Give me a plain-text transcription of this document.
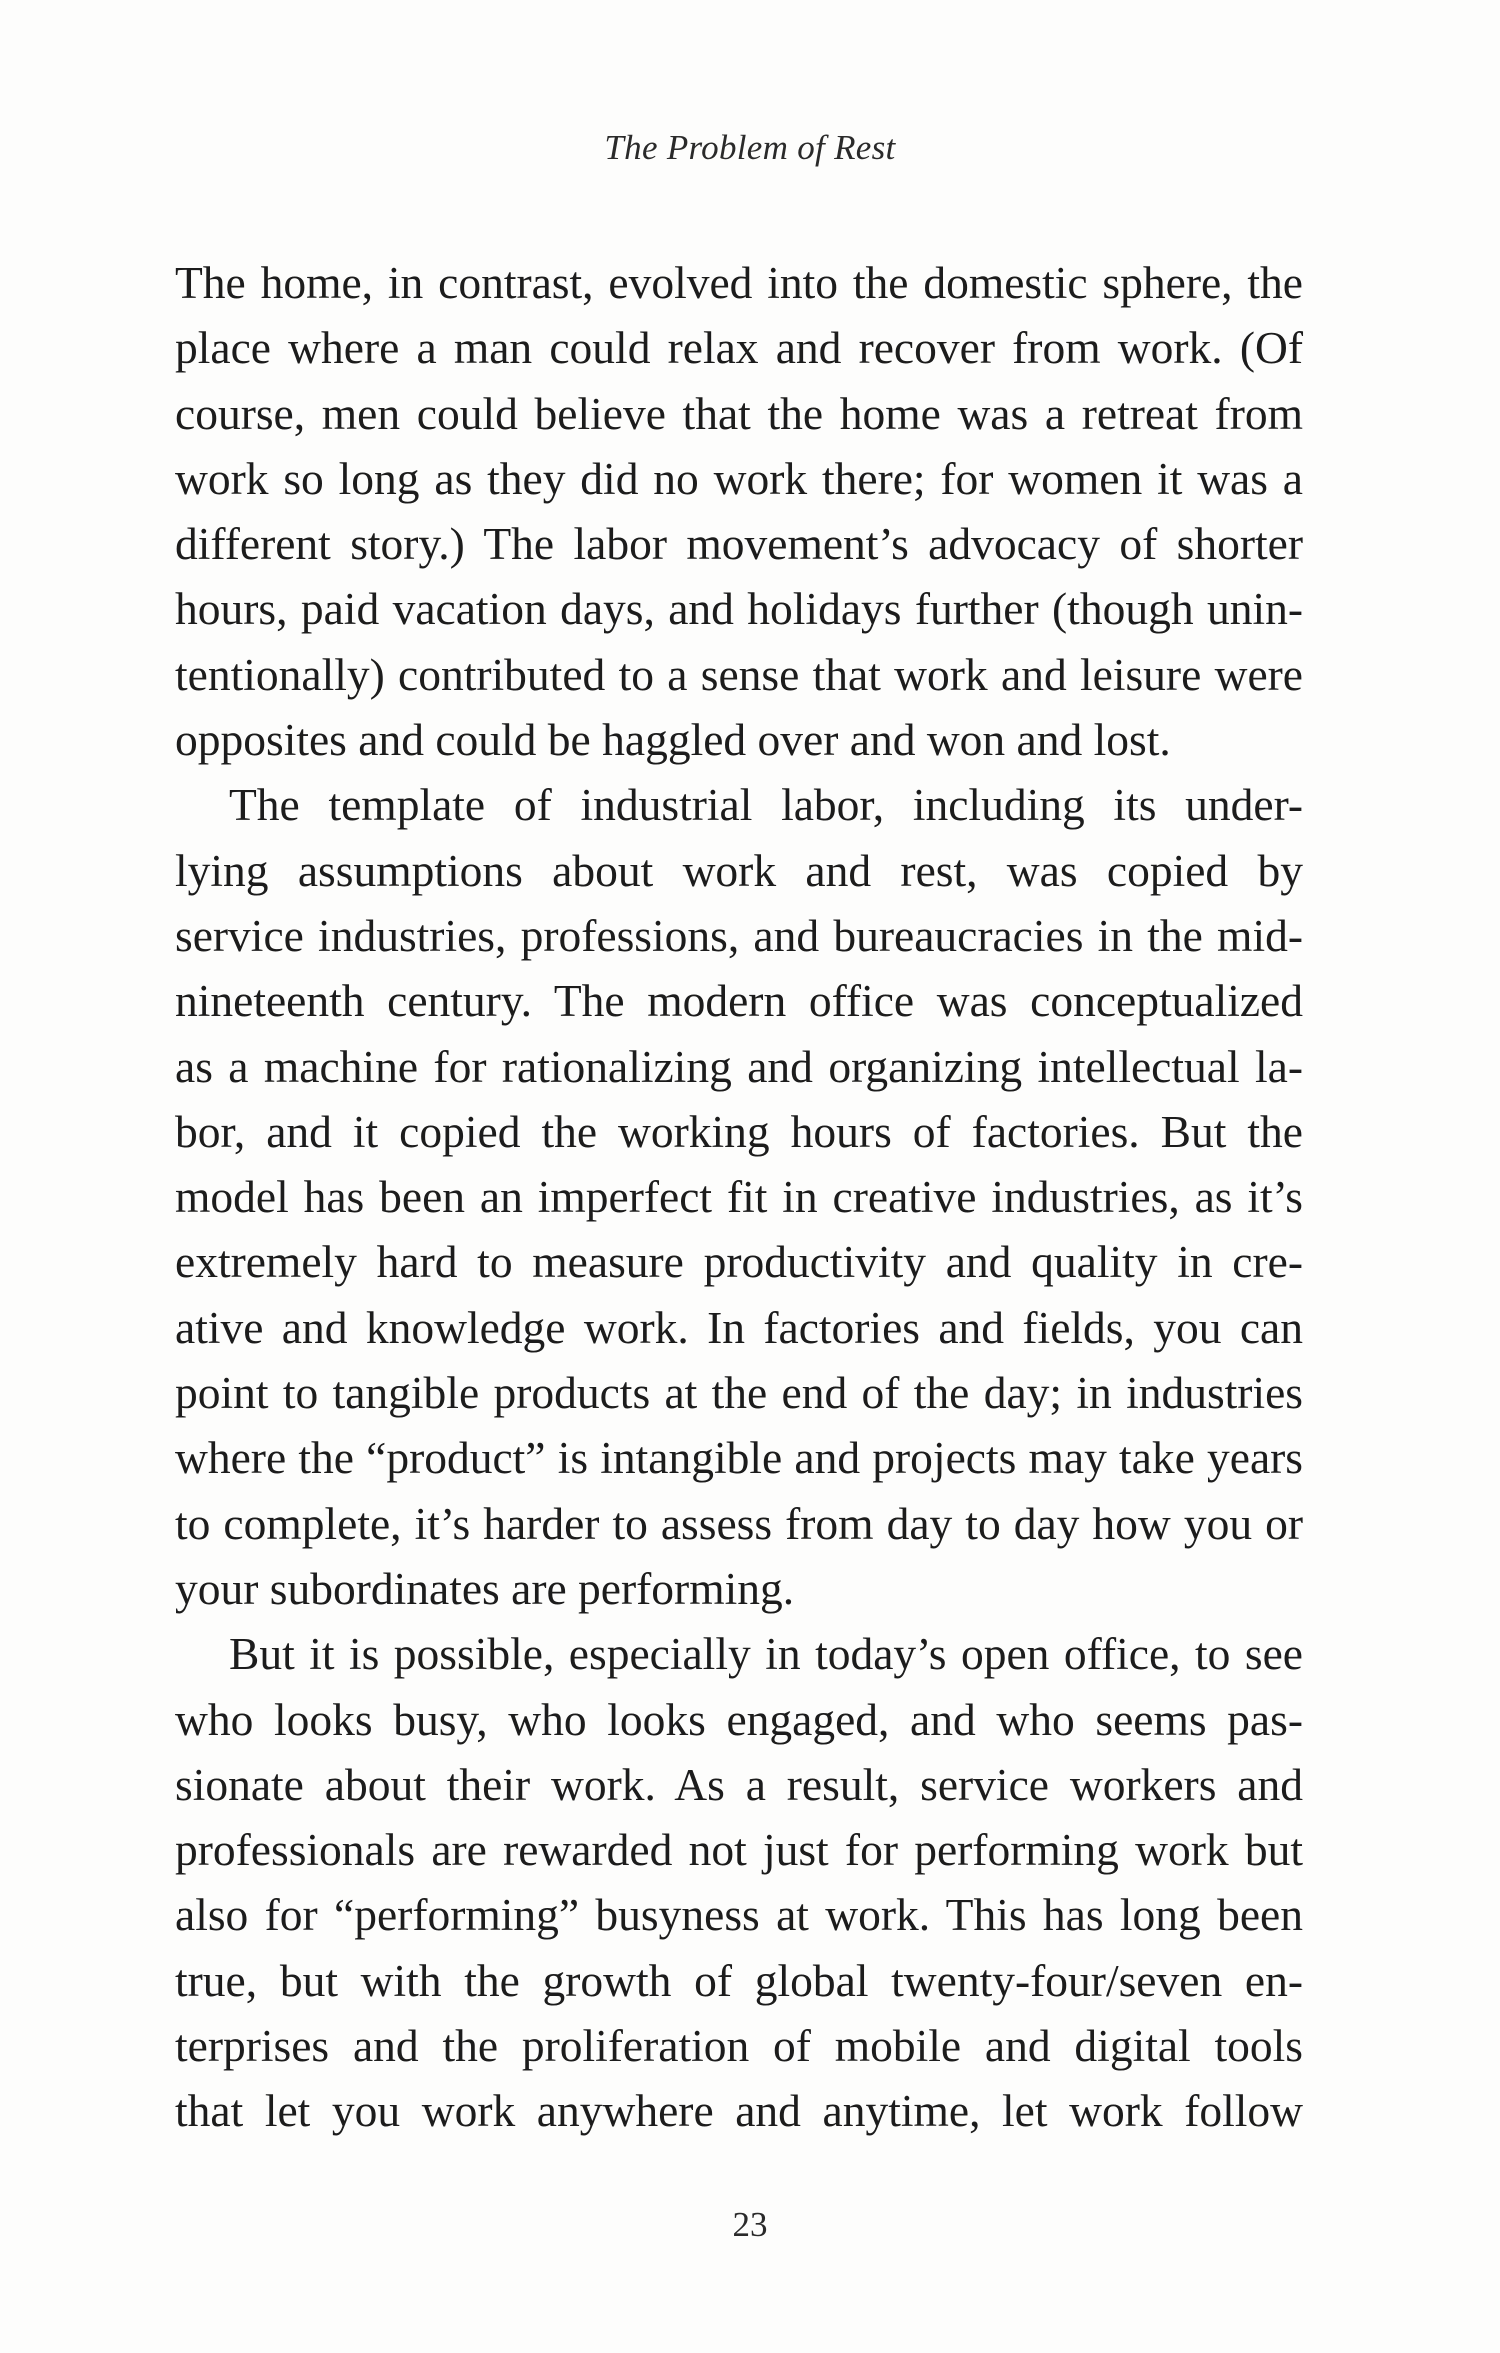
The Problem of Rest

The home, in contrast, evolved into the domestic sphere, the
place where a man could relax and recover from work. (Of
course, men could believe that the home was a retreat from
work so long as they did no work there; for women it was a
different story.) The labor movement’s advocacy of shorter
hours, paid vacation days, and holidays further (though unin-
tentionally) contributed to a sense that work and leisure were
opposites and could be haggled over and won and lost.

The template of industrial labor, including its under-
lying assumptions about work and rest, was copied by
service industries, professions, and bureaucracies in the mid-
nineteenth century. The modern office was conceptualized
as a machine for rationalizing and organizing intellectual la-
bor, and it copied the working hours of factories. But the
model has been an imperfect fit in creative industries, as it’s
extremely hard to measure productivity and quality in cre-
ative and knowledge work. In factories and fields, you can
point to tangible products at the end of the day; in industries
where the “product” is intangible and projects may take years
to complete, it’s harder to assess from day to day how you or
your subordinates are performing.

But it is possible, especially in today’s open office, to see
who looks busy, who looks engaged, and who seems pas-
sionate about their work. As a result, service workers and
professionals are rewarded not just for performing work but
also for “performing” busyness at work. This has long been
true, but with the growth of global twenty-four/seven en-
terprises and the proliferation of mobile and digital tools
that let you work anywhere and anytime, let work follow

23
